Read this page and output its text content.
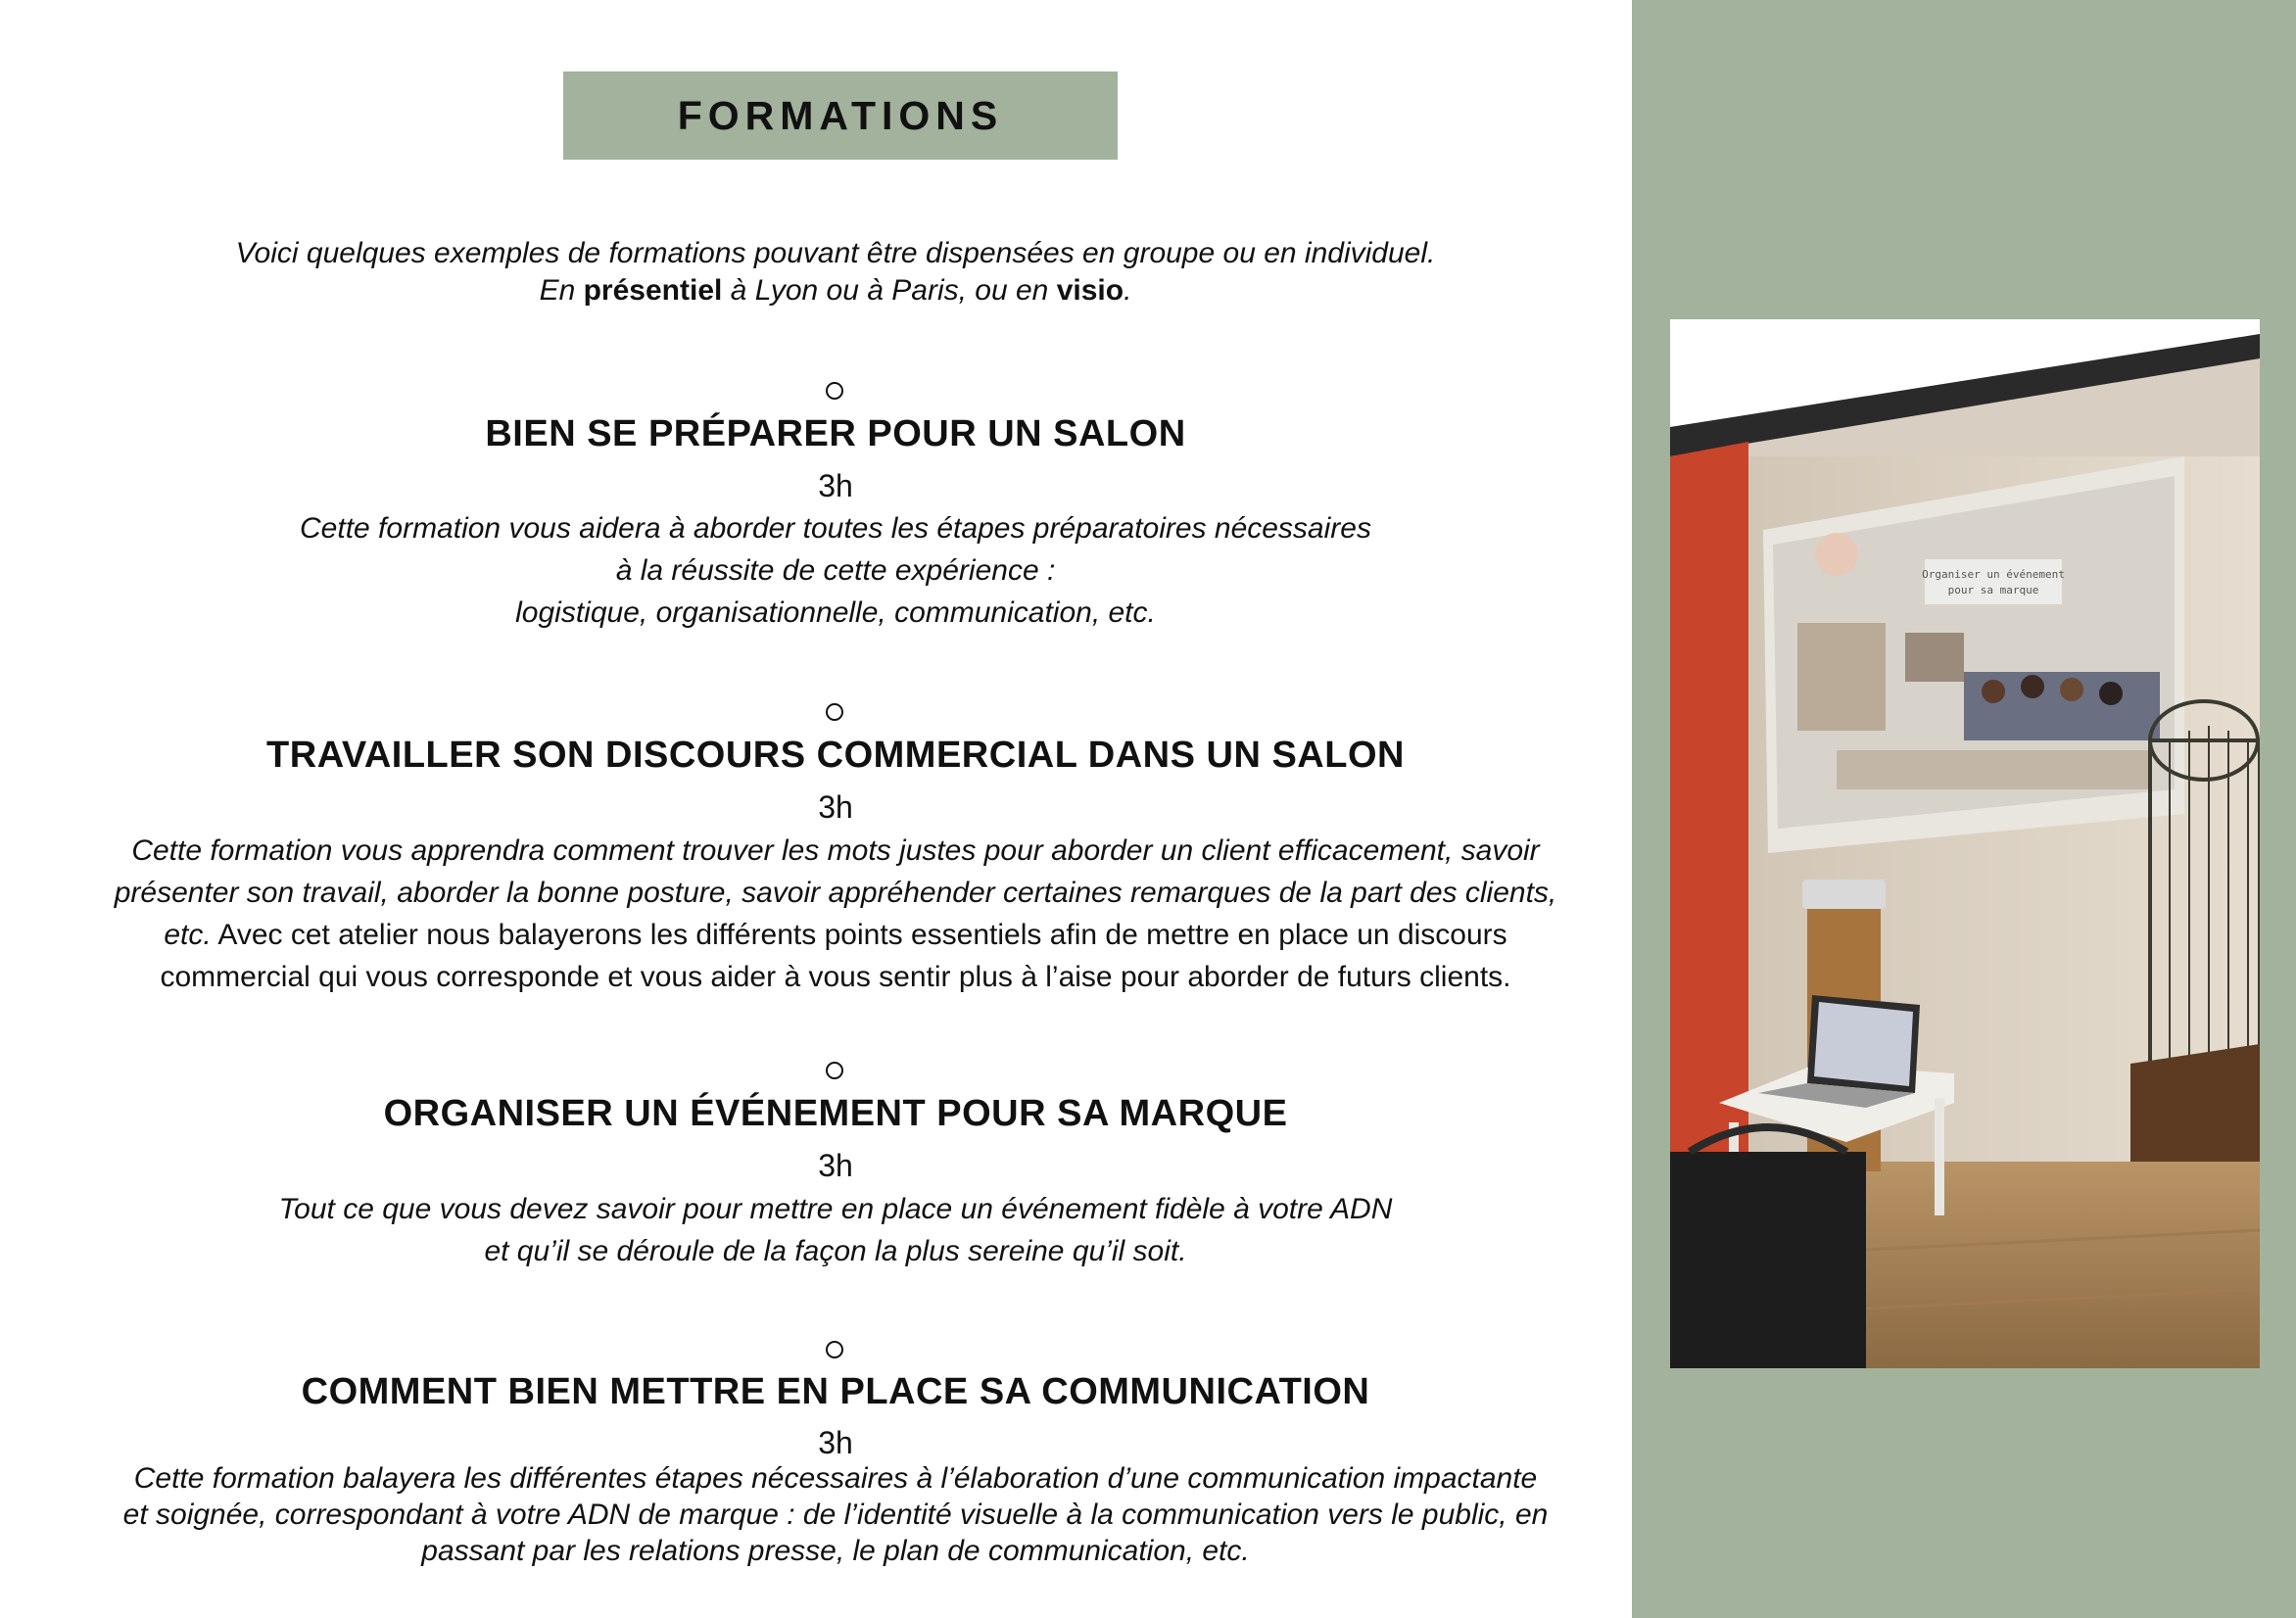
FORMATIONS
Voici quelques exemples de formations pouvant être dispensées en groupe ou en individuel.
En présentiel à Lyon ou à Paris, ou en visio.
BIEN SE PRÉPARER POUR UN SALON
3h
Cette formation vous aidera à aborder toutes les étapes préparatoires nécessaires
à la réussite de cette expérience :
logistique, organisationnelle, communication, etc.
TRAVAILLER SON DISCOURS COMMERCIAL DANS UN SALON
3h
Cette formation vous apprendra comment trouver les mots justes pour aborder un client efficacement, savoir
présenter son travail, aborder la bonne posture, savoir appréhender certaines remarques de la part des clients,
etc. Avec cet atelier nous balayerons les différents points essentiels afin de mettre en place un discours
commercial qui vous corresponde et vous aider à vous sentir plus à l’aise pour aborder de futurs clients.
ORGANISER UN ÉVÉNEMENT POUR SA MARQUE
3h
Tout ce que vous devez savoir pour mettre en place un événement fidèle à votre ADN
et qu’il se déroule de la façon la plus sereine qu’il soit.
COMMENT BIEN METTRE EN PLACE SA COMMUNICATION
3h
Cette formation balayera les différentes étapes nécessaires à l’élaboration d’une communication impactante
et soignée, correspondant à votre ADN de marque : de l’identité visuelle à la communication vers le public, en
passant par les relations presse, le plan de communication, etc.
Organiser un événement
pour sa marque
